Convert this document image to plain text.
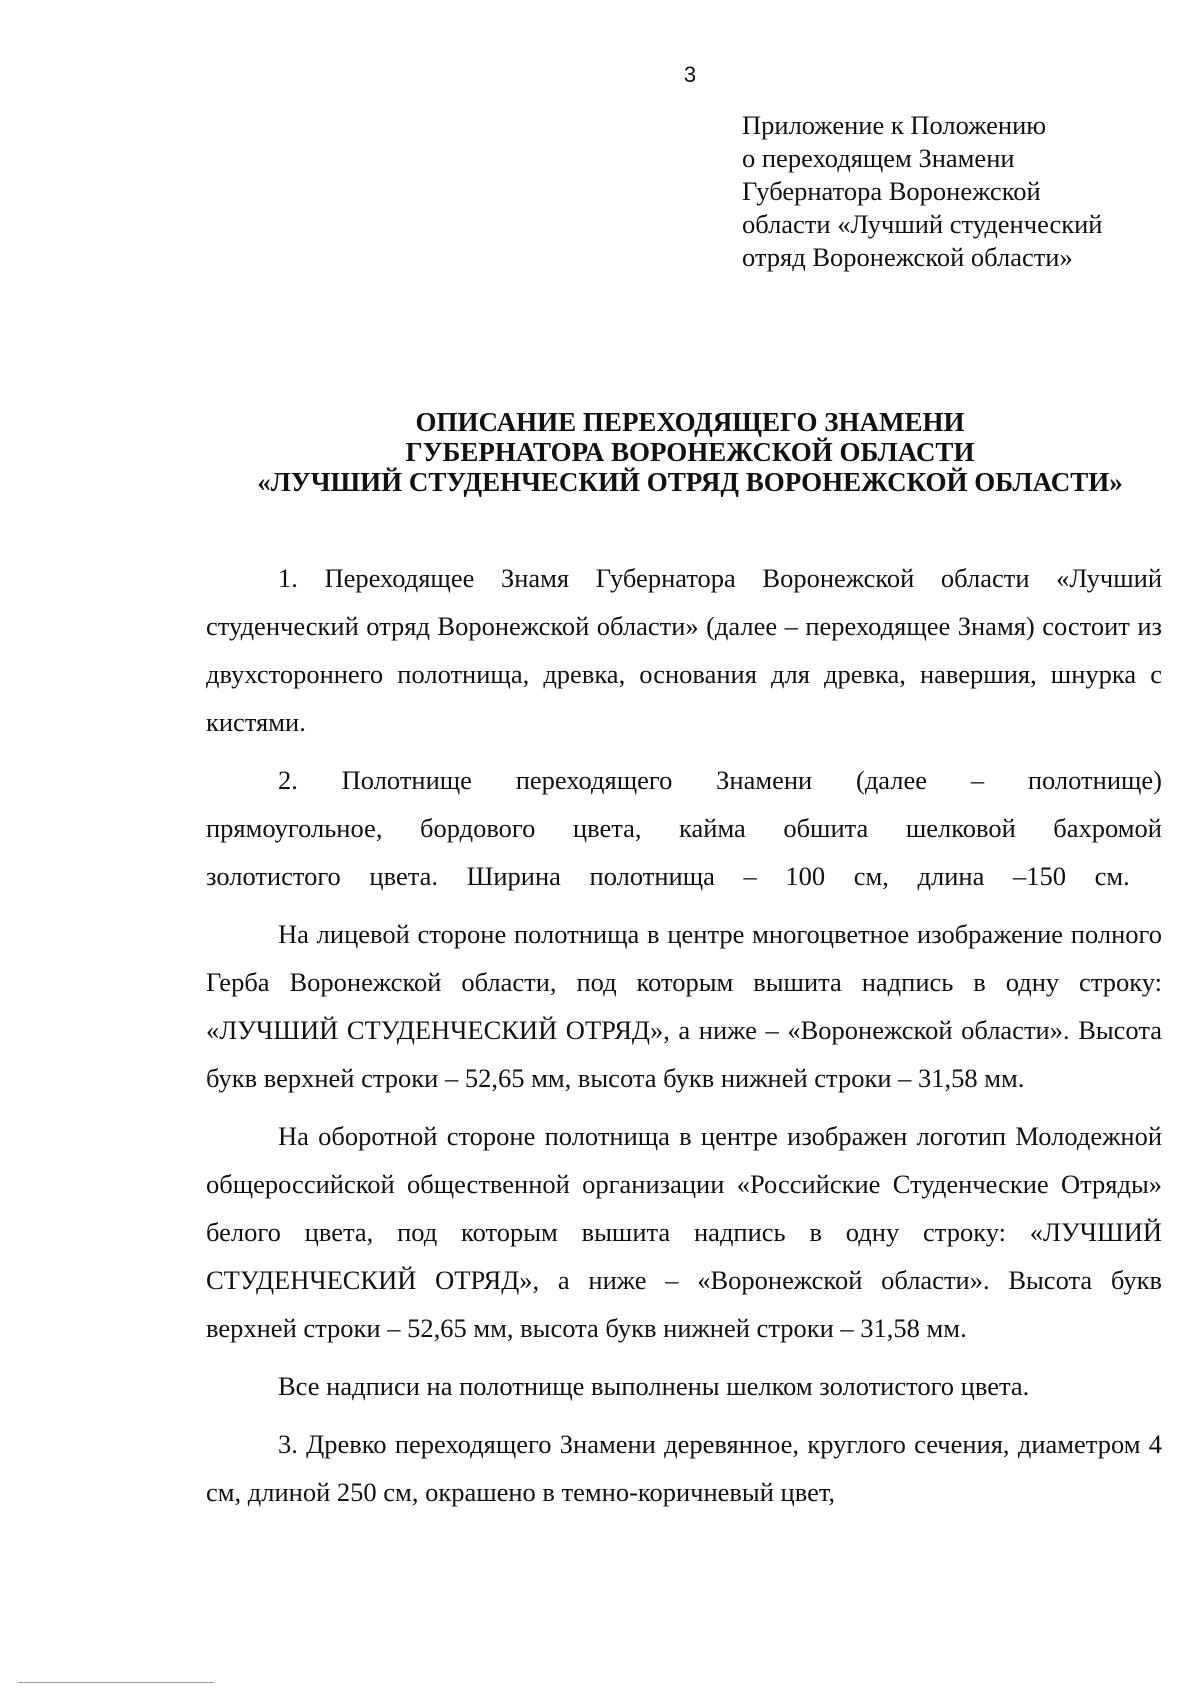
3
Приложение к Положению
о переходящем Знамени
Губернатора Воронежской
области «Лучший студенческий
отряд Воронежской области»
ОПИСАНИЕ ПЕРЕХОДЯЩЕГО ЗНАМЕНИ
ГУБЕРНАТОРА ВОРОНЕЖСКОЙ ОБЛАСТИ
«ЛУЧШИЙ СТУДЕНЧЕСКИЙ ОТРЯД ВОРОНЕЖСКОЙ ОБЛАСТИ»

1. Переходящее Знамя Губернатора Воронежской области «Лучший студенческий отряд Воронежской области» (далее – переходящее Знамя) состоит из двухстороннего полотнища, древка, основания для древка, навершия, шнурка с кистями.

2. Полотнище переходящего Знамени (далее – полотнище) прямоугольное, бордового цвета, кайма обшита шелковой бахромой золотистого цвета. Ширина полотнища – 100 см, длина –150 см.

На лицевой стороне полотнища в центре многоцветное изображение полного Герба Воронежской области, под которым вышита надпись в одну строку: «ЛУЧШИЙ СТУДЕНЧЕСКИЙ ОТРЯД», а ниже – «Воронежской области». Высота букв верхней строки – 52,65 мм, высота букв нижней строки – 31,58 мм.

На оборотной стороне полотнища в центре изображен логотип Молодежной общероссийской общественной организации «Российские Студенческие Отряды» белого цвета, под которым вышита надпись в одну строку: «ЛУЧШИЙ СТУДЕНЧЕСКИЙ ОТРЯД», а ниже – «Воронежской области». Высота букв верхней строки – 52,65 мм, высота букв нижней строки – 31,58 мм.

Все надписи на полотнище выполнены шелком золотистого цвета.

3. Древко переходящего Знамени деревянное, круглого сечения, диаметром 4 см, длиной 250 см, окрашено в темно-коричневый цвет,
